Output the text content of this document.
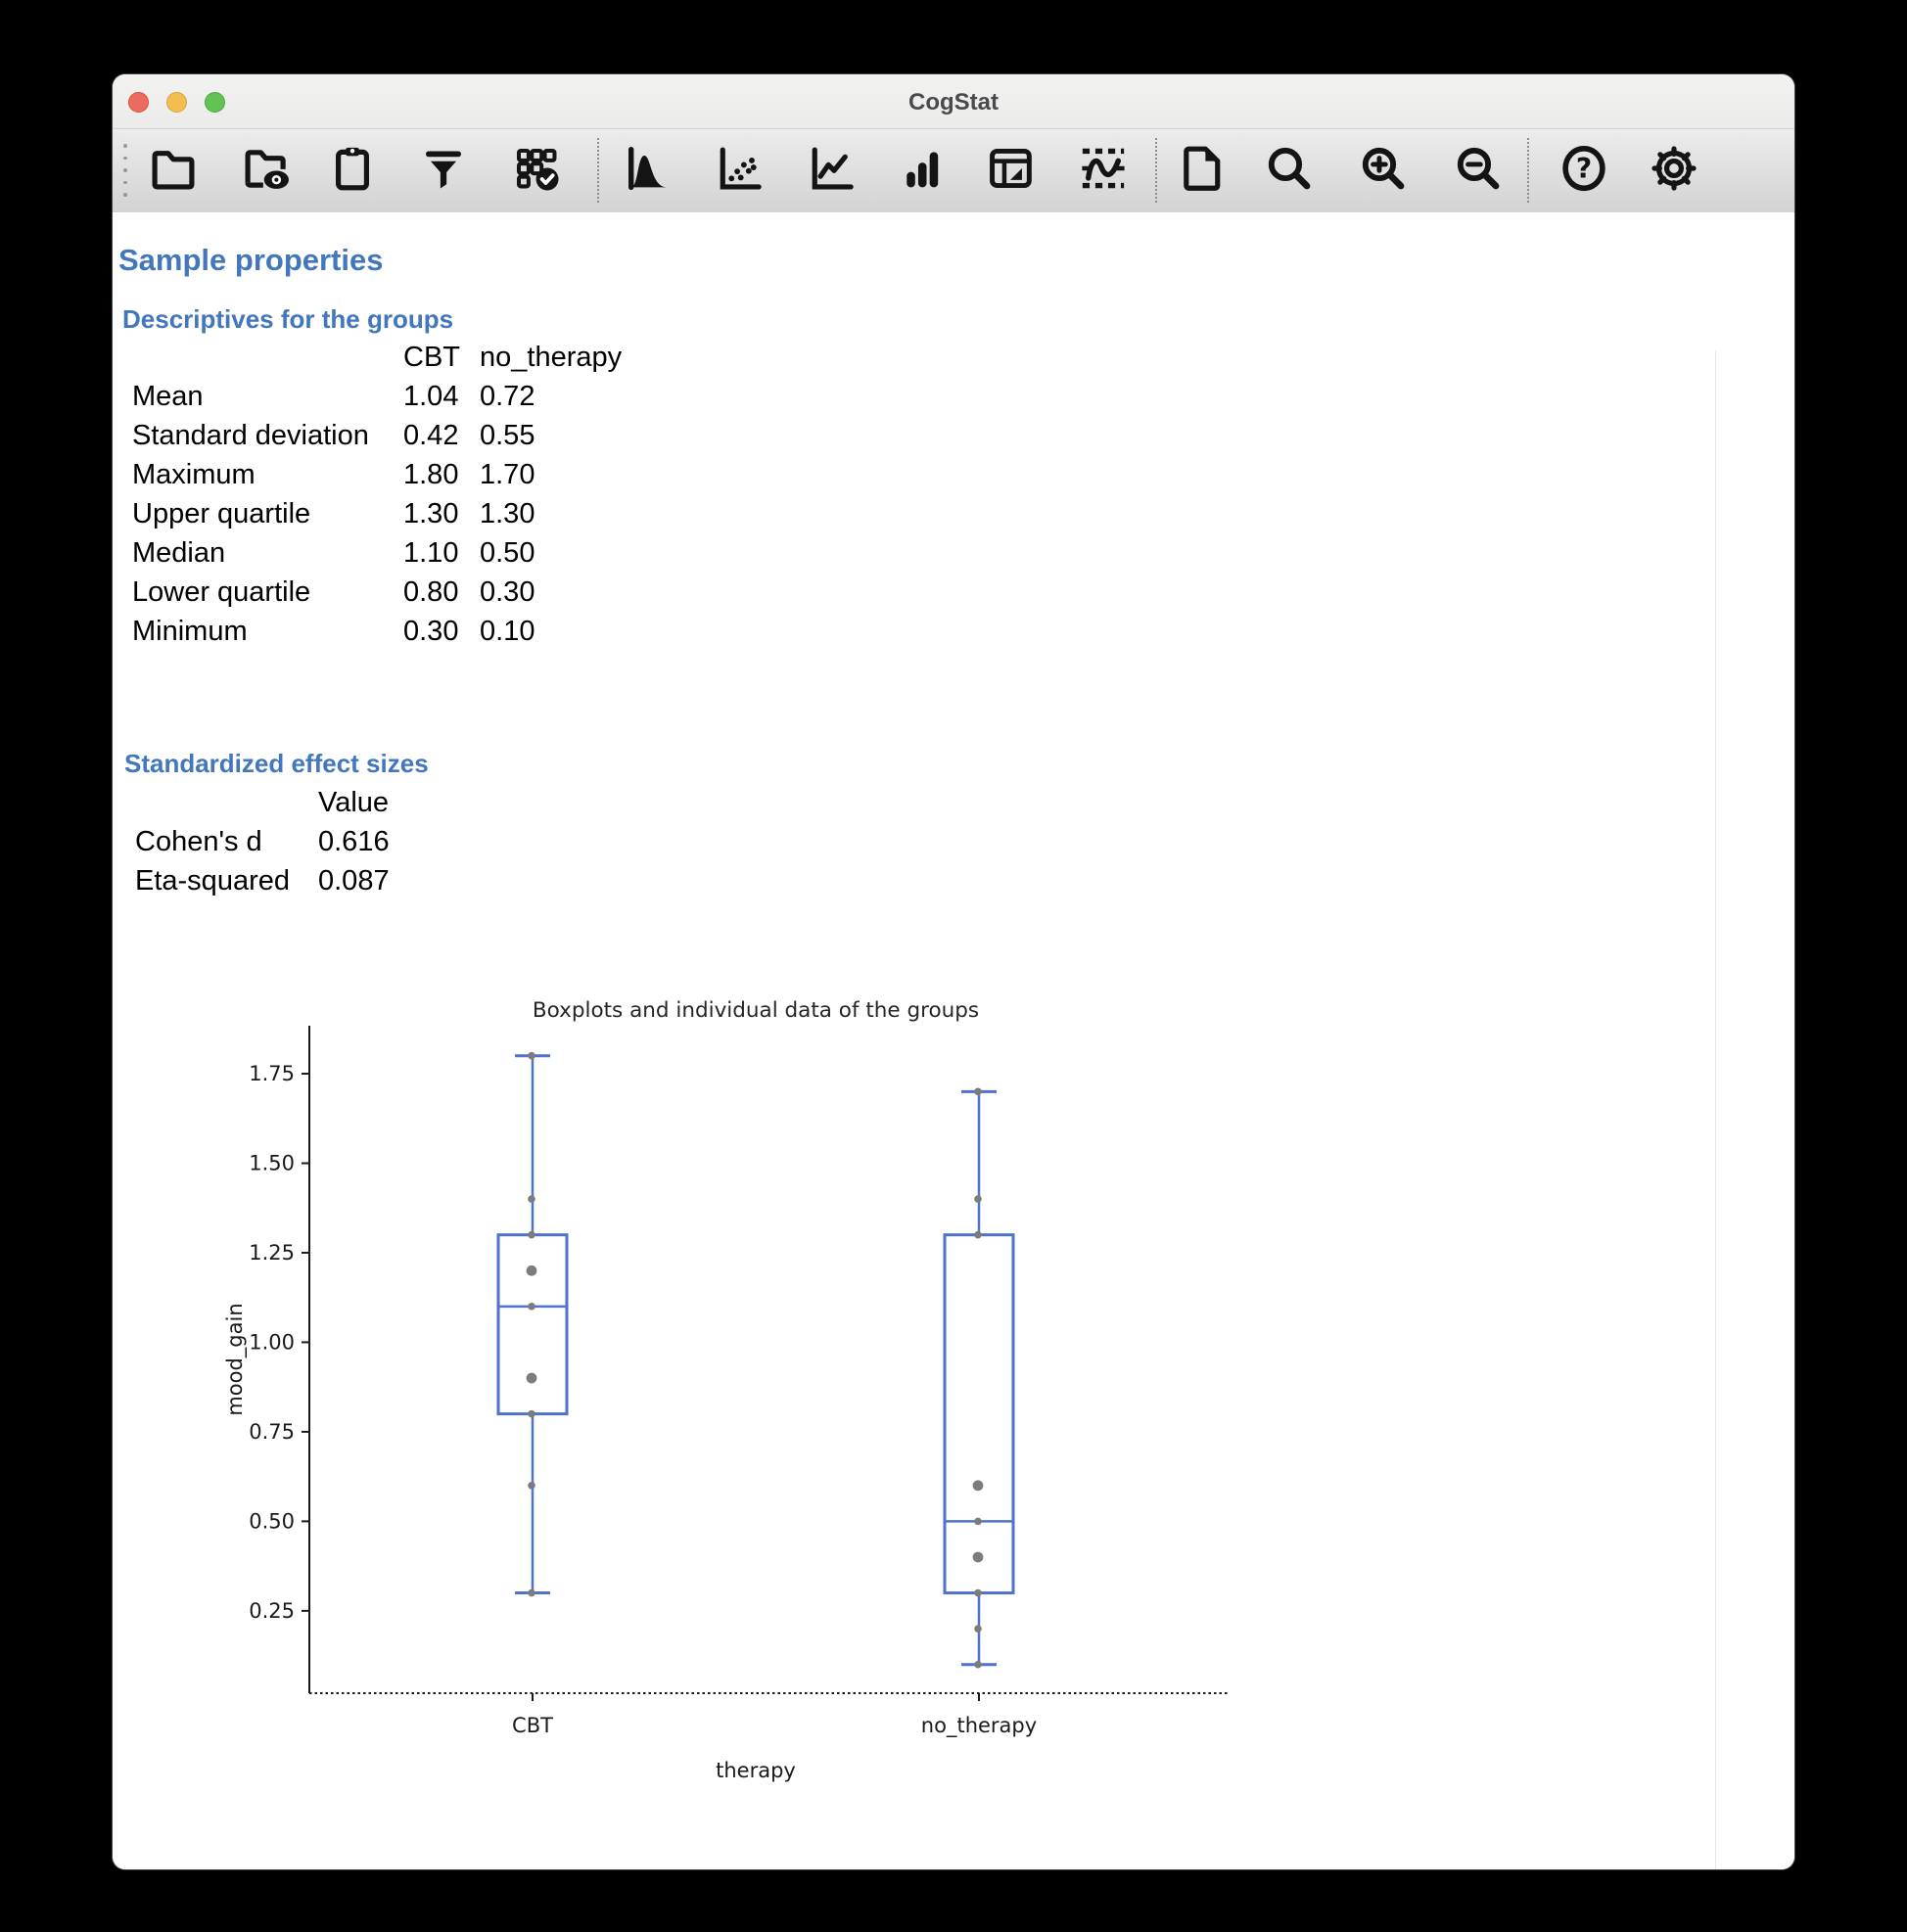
CogStat
?
Sample properties
Descriptives for the groups
CBT no_therapy
Mean	1.04 0.72
Standard deviation	0.42 0.55
Maximum	1.80 1.70
Upper quartile	1.30 1.30
Median	1.10 0.50
Lower quartile	0.80 0.30
Minimum	0.30 0.10
Standardized effect sizes
Value
Cohen's d	0.616
Eta-squared	0.087
Boxplots and individual data of the groups
0.25
0.50
0.75
1.00
1.25
1.50
1.75
mood_gain
CBT	no_therapy
therapy
